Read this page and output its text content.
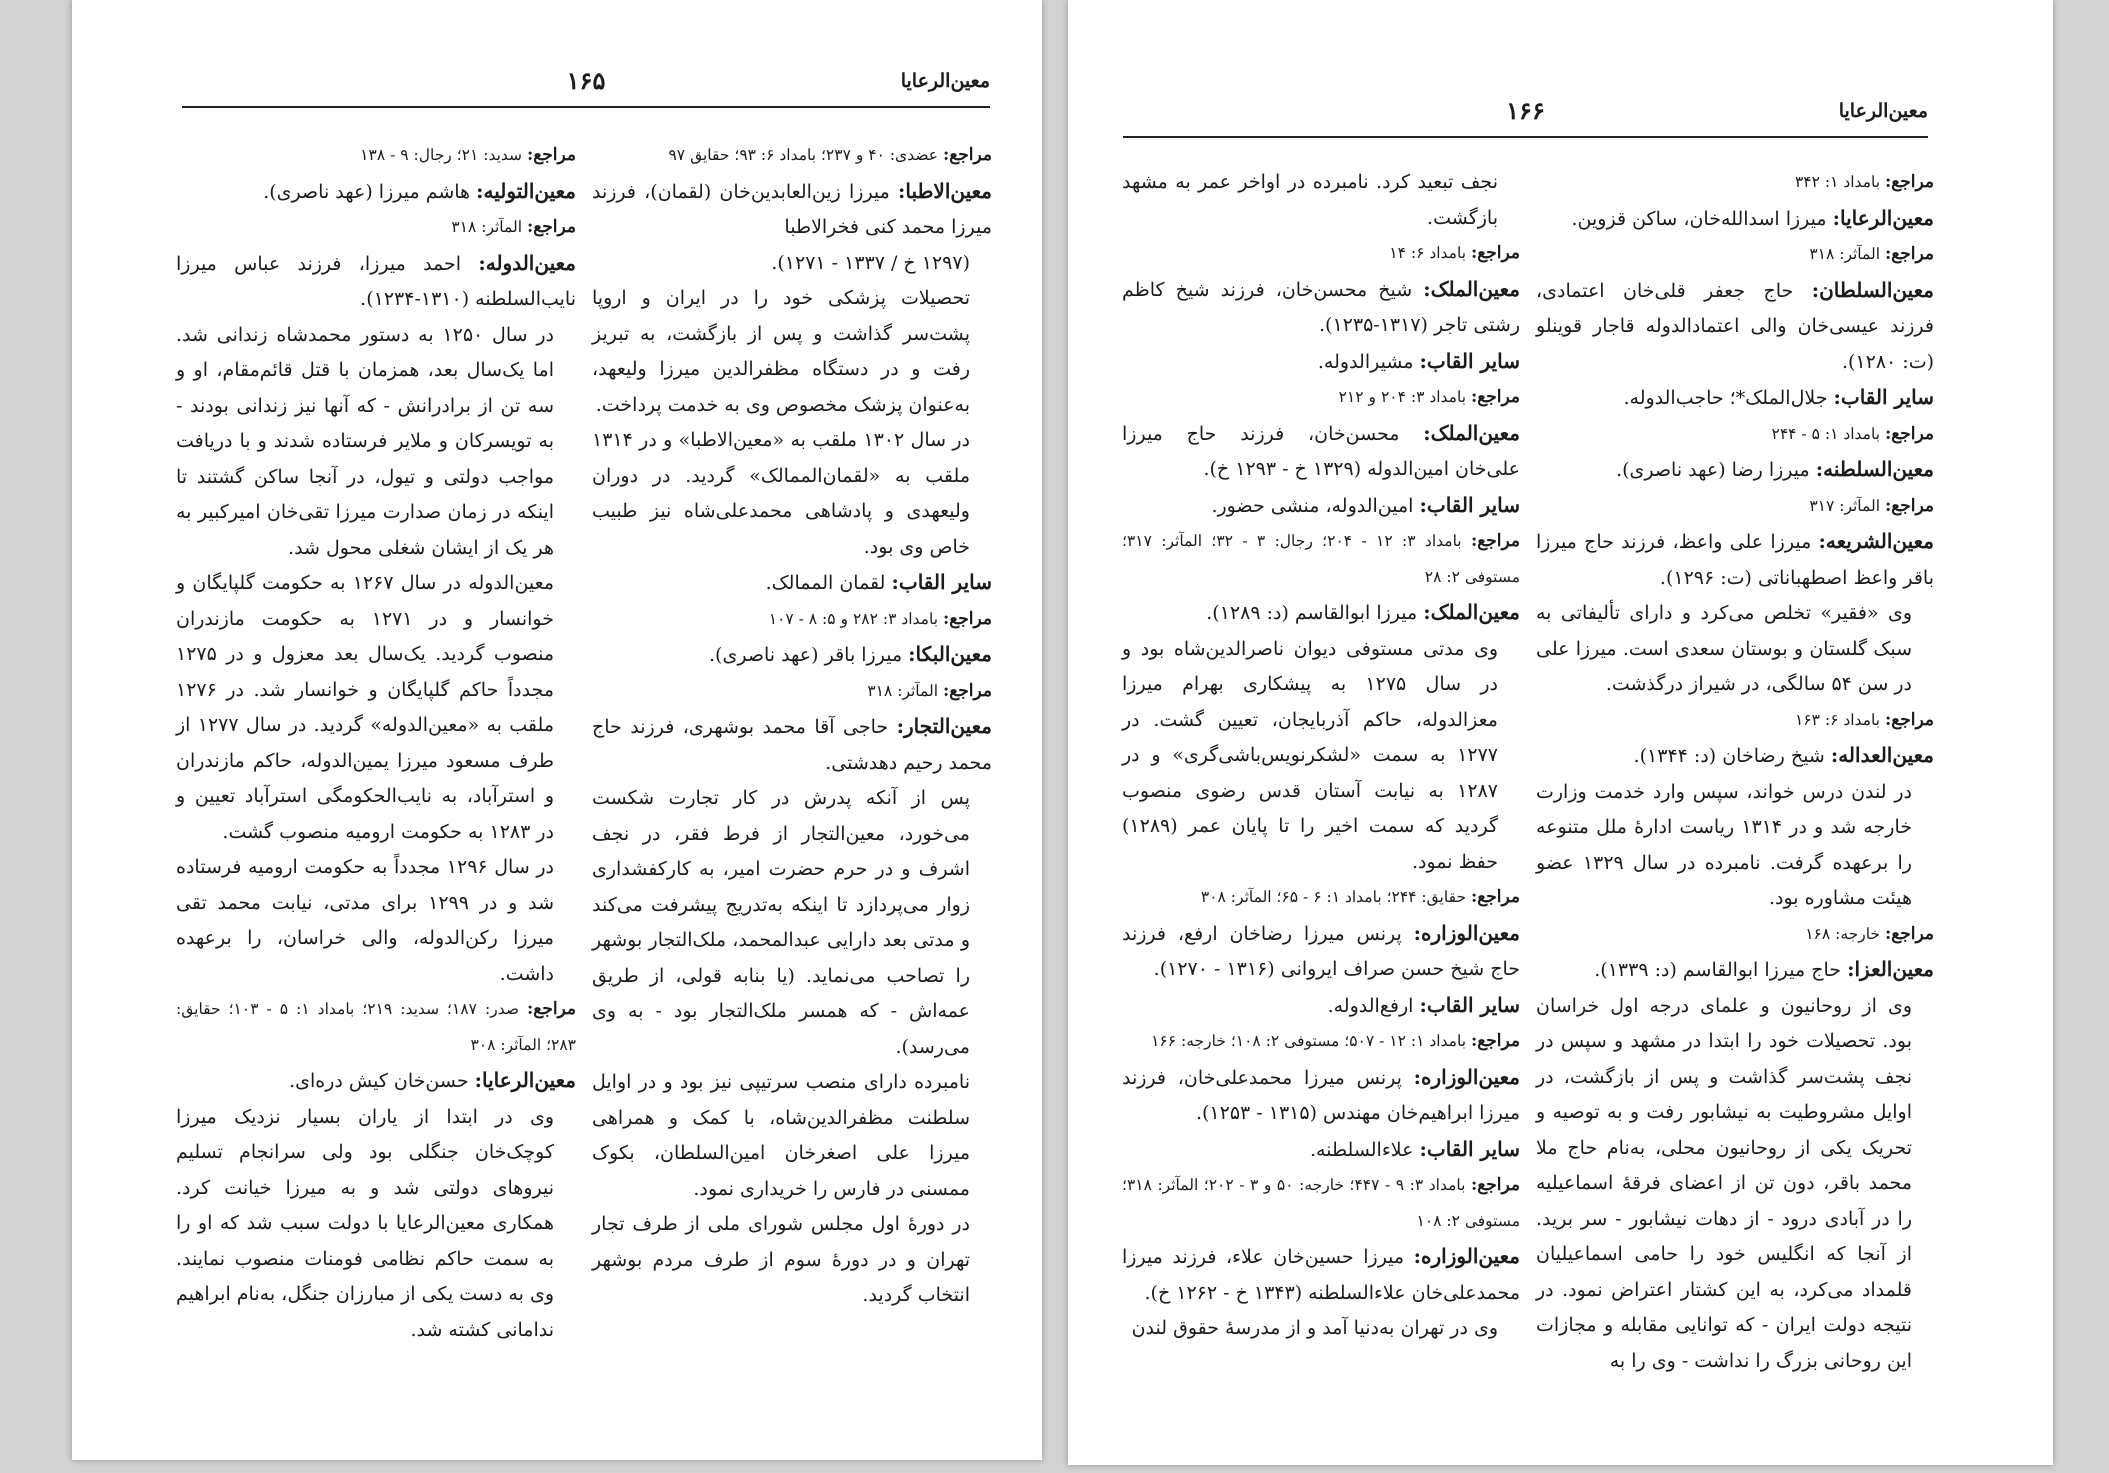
معین‌الرعایا
۱۶۵

مراجع: عضدی: ۴۰ و ۲۳۷؛ بامداد ۶: ۹۳؛ حقایق ۹۷

معین‌الاطبا: میرزا زین‌العابدین‌خان (لقمان)، فرزند میرزا محمد کنی فخرالاطبا

(۱۲۹۷ خ / ۱۳۳۷ - ۱۲۷۱).

تحصیلات پزشکی خود را در ایران و اروپا پشت‌سر گذاشت و پس از بازگشت، به تبریز رفت و در دستگاه مظفرالدین میرزا ولیعهد، به‌عنوان پزشک مخصوص وی به خدمت پرداخت.

در سال ۱۳۰۲ ملقب به «معین‌الاطبا» و در ۱۳۱۴ ملقب به «لقمان‌الممالک» گردید. در دوران ولیعهدی و پادشاهی محمدعلی‌شاه نیز طبیب خاص وی بود.

سایر القاب: لقمان الممالک.

مراجع: بامداد ۳: ۲۸۲ و ۵: ۸ - ۱۰۷

معین‌البکا: میرزا باقر (عهد ناصری).

مراجع: المآثر: ۳۱۸

معین‌التجار: حاجی آقا محمد بوشهری، فرزند حاج محمد رحیم دهدشتی.

پس از آنکه پدرش در کار تجارت شکست می‌خورد، معین‌التجار از فرط فقر، در نجف اشرف و در حرم حضرت امیر، به کارکفشداری زوار می‌پردازد تا اینکه به‌تدریج پیشرفت می‌کند و مدتی بعد دارایی عبدالمحمد، ملک‌التجار بوشهر را تصاحب می‌نماید. (یا بنابه قولی، از طریق عمه‌اش - که همسر ملک‌التجار بود - به وی می‌رسد).

نامبرده دارای منصب سرتیپی نیز بود و در اوایل سلطنت مظفرالدین‌شاه، با کمک و همراهی میرزا علی اصغرخان امین‌السلطان، بکوک ممسنی در فارس را خریداری نمود.

در دورهٔ اول مجلس شورای ملی از طرف تجار تهران و در دورهٔ سوم از طرف مردم بوشهر انتخاب گردید.

مراجع: سدید: ۲۱؛ رجال: ۹ - ۱۳۸

معین‌التولیه: هاشم میرزا (عهد ناصری).

مراجع: المآثر: ۳۱۸

معین‌الدوله: احمد میرزا، فرزند عباس میرزا نایب‌السلطنه (۱۳۱۰-۱۲۳۴).

در سال ۱۲۵۰ به دستور محمدشاه زندانی شد. اما یک‌سال بعد، همزمان با قتل قائم‌مقام، او و سه تن از برادرانش - که آنها نیز زندانی بودند - به تویسرکان و ملایر فرستاده شدند و با دریافت مواجب دولتی و تیول، در آنجا ساکن گشتند تا اینکه در زمان صدارت میرزا تقی‌خان امیرکبیر به هر یک از ایشان شغلی محول شد.

معین‌الدوله در سال ۱۲۶۷ به حکومت گلپایگان و خوانسار و در ۱۲۷۱ به حکومت مازندران منصوب گردید. یک‌سال بعد معزول و در ۱۲۷۵ مجدداً حاکم گلپایگان و خوانسار شد. در ۱۲۷۶ ملقب به «معین‌الدوله» گردید. در سال ۱۲۷۷ از طرف مسعود میرزا یمین‌الدوله، حاکم مازندران و استرآباد، به نایب‌الحکومگی استرآباد تعیین و در ۱۲۸۳ به حکومت ارومیه منصوب گشت.

در سال ۱۲۹۶ مجدداً به حکومت ارومیه فرستاده شد و در ۱۲۹۹ برای مدتی، نیابت محمد تقی میرزا رکن‌الدوله، والی خراسان، را برعهده داشت.

مراجع: صدر: ۱۸۷؛ سدید: ۲۱۹؛ بامداد ۱: ۵ - ۱۰۳؛ حقایق: ۲۸۳؛ المآثر: ۳۰۸

معین‌الرعایا: حسن‌خان کیش دره‌ای.

وی در ابتدا از یاران بسیار نزدیک میرزا کوچک‌خان جنگلی بود ولی سرانجام تسلیم نیروهای دولتی شد و به میرزا خیانت کرد. همکاری معین‌الرعایا با دولت سبب شد که او را به سمت حاکم نظامی فومنات منصوب نمایند. وی به دست یکی از مبارزان جنگل، به‌نام ابراهیم ندامانی کشته شد.

معین‌الرعایا
۱۶۶

مراجع: بامداد ۱: ۳۴۲

معین‌الرعایا: میرزا اسدالله‌خان، ساکن قزوین.

مراجع: المآثر: ۳۱۸

معین‌السلطان: حاج جعفر قلی‌خان اعتمادی، فرزند عیسی‌خان والی اعتمادالدوله قاجار قوینلو (ت: ۱۲۸۰).

سایر القاب: جلال‌الملک*؛ حاجب‌الدوله.

مراجع: بامداد ۱: ۵ - ۲۴۴

معین‌السلطنه: میرزا رضا (عهد ناصری).

مراجع: المآثر: ۳۱۷

معین‌الشریعه: میرزا علی واعظ، فرزند حاج میرزا باقر واعظ اصطهباناتی (ت: ۱۲۹۶).

وی «فقیر» تخلص می‌کرد و دارای تألیفاتی به سبک گلستان و بوستان سعدی است. میرزا علی در سن ۵۴ سالگی، در شیراز درگذشت.

مراجع: بامداد ۶: ۱۶۳

معین‌العداله: شیخ رضاخان (د: ۱۳۴۴).

در لندن درس خواند، سپس وارد خدمت وزارت خارجه شد و در ۱۳۱۴ ریاست ادارهٔ ملل متنوعه را برعهده گرفت. نامبرده در سال ۱۳۲۹ عضو هیئت مشاوره بود.

مراجع: خارجه: ۱۶۸

معین‌العزا: حاج میرزا ابوالقاسم (د: ۱۳۳۹).

وی از روحانیون و علمای درجه اول خراسان بود. تحصیلات خود را ابتدا در مشهد و سپس در نجف پشت‌سر گذاشت و پس از بازگشت، در اوایل مشروطیت به نیشابور رفت و به توصیه و تحریک یکی از روحانیون محلی، به‌نام حاج ملا محمد باقر، دون تن از اعضای فرقهٔ اسماعیلیه را در آبادی درود - از دهات نیشابور - سر برید. از آنجا که انگلیس خود را حامی اسماعیلیان قلمداد می‌کرد، به این کشتار اعتراض نمود. در نتیجه دولت ایران - که توانایی مقابله و مجازات این روحانی بزرگ را نداشت - وی را به

نجف تبعید کرد. نامبرده در اواخر عمر به مشهد بازگشت.

مراجع: بامداد ۶: ۱۴

معین‌الملک: شیخ محسن‌خان، فرزند شیخ کاظم رشتی تاجر (۱۳۱۷-۱۲۳۵).

سایر القاب: مشیرالدوله.

مراجع: بامداد ۳: ۲۰۴ و ۲۱۲

معین‌الملک: محسن‌خان، فرزند حاج میرزا علی‌خان امین‌الدوله (۱۳۲۹ خ - ۱۲۹۳ خ).

سایر القاب: امین‌الدوله، منشی حضور.

مراجع: بامداد ۳: ۱۲ - ۲۰۴؛ رجال: ۳ - ۳۲؛ المآثر: ۳۱۷؛ مستوفی ۲: ۲۸

معین‌الملک: میرزا ابوالقاسم (د: ۱۲۸۹).

وی مدتی مستوفی دیوان ناصرالدین‌شاه بود و در سال ۱۲۷۵ به پیشکاری بهرام میرزا معزالدوله، حاکم آذربایجان، تعیین گشت. در ۱۲۷۷ به سمت «لشکرنویس‌باشی‌گری» و در ۱۲۸۷ به نیابت آستان قدس رضوی منصوب گردید که سمت اخیر را تا پایان عمر (۱۲۸۹) حفظ نمود.

مراجع: حقایق: ۲۴۴؛ بامداد ۱: ۶ - ۶۵؛ المآثر: ۳۰۸

معین‌الوزاره: پرنس میرزا رضاخان ارفع، فرزند حاج شیخ حسن صراف ایروانی (۱۳۱۶ - ۱۲۷۰).

سایر القاب: ارفع‌الدوله.

مراجع: بامداد ۱: ۱۲ - ۵۰۷؛ مستوفی ۲: ۱۰۸؛ خارجه: ۱۶۶

معین‌الوزاره: پرنس میرزا محمدعلی‌خان، فرزند میرزا ابراهیم‌خان مهندس (۱۳۱۵ - ۱۲۵۳).

سایر القاب: علاء‌السلطنه.

مراجع: بامداد ۳: ۹ - ۴۴۷؛ خارجه: ۵۰ و ۳ - ۲۰۲؛ المآثر: ۳۱۸؛ مستوفی ۲: ۱۰۸

معین‌الوزاره: میرزا حسین‌خان علاء، فرزند میرزا محمدعلی‌خان علاء‌السلطنه (۱۳۴۳ خ - ۱۲۶۲ خ).

وی در تهران به‌دنیا آمد و از مدرسهٔ حقوق لندن
